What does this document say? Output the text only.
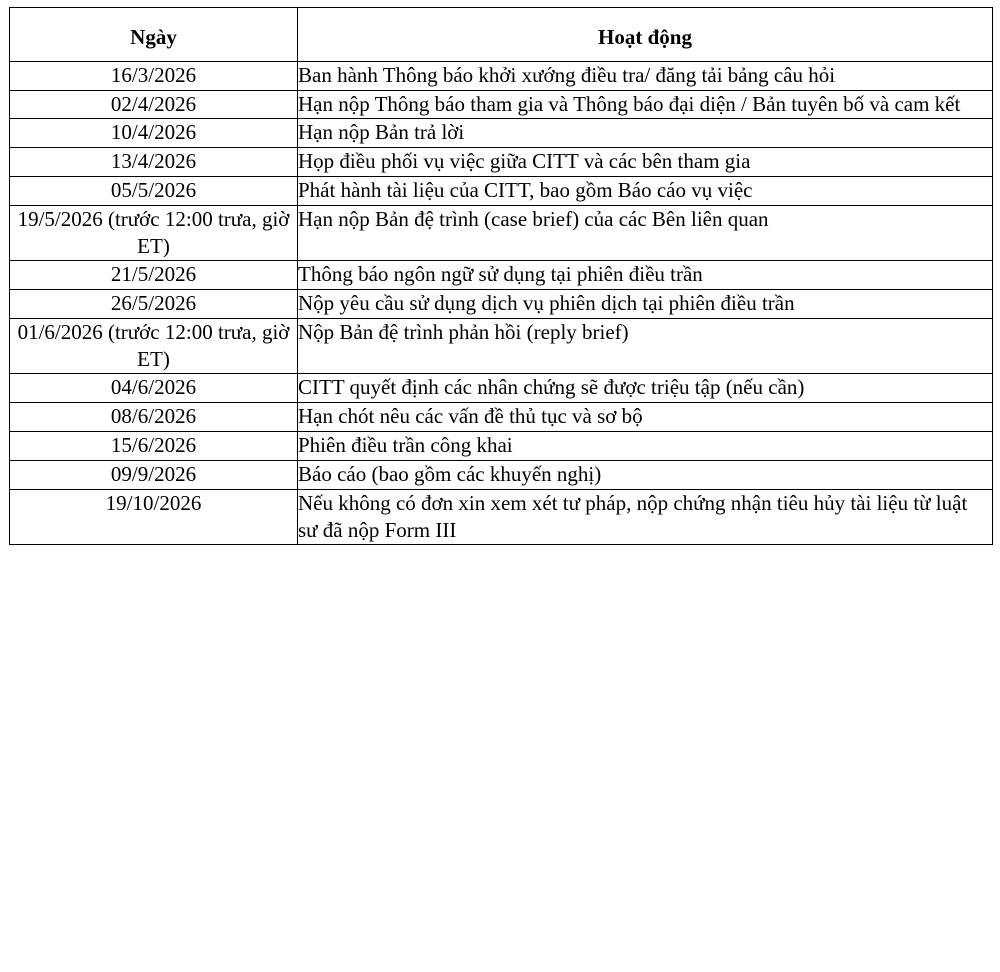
Ngày	Hoạt động
16/3/2026	Ban hành Thông báo khởi xướng điều tra/ đăng tải bảng câu hỏi
02/4/2026	Hạn nộp Thông báo tham gia và Thông báo đại diện / Bản tuyên bố và cam kết
10/4/2026	Hạn nộp Bản trả lời
13/4/2026	Họp điều phối vụ việc giữa CITT và các bên tham gia
05/5/2026	Phát hành tài liệu của CITT, bao gồm Báo cáo vụ việc
19/5/2026 (trước 12:00 trưa, giờ ET)	Hạn nộp Bản đệ trình (case brief) của các Bên liên quan
21/5/2026	Thông báo ngôn ngữ sử dụng tại phiên điều trần
26/5/2026	Nộp yêu cầu sử dụng dịch vụ phiên dịch tại phiên điều trần
01/6/2026 (trước 12:00 trưa, giờ ET)	Nộp Bản đệ trình phản hồi (reply brief)
04/6/2026	CITT quyết định các nhân chứng sẽ được triệu tập (nếu cần)
08/6/2026	Hạn chót nêu các vấn đề thủ tục và sơ bộ
15/6/2026	Phiên điều trần công khai
09/9/2026	Báo cáo (bao gồm các khuyến nghị)
19/10/2026	Nếu không có đơn xin xem xét tư pháp, nộp chứng nhận tiêu hủy tài liệu từ luật sư đã nộp Form III
